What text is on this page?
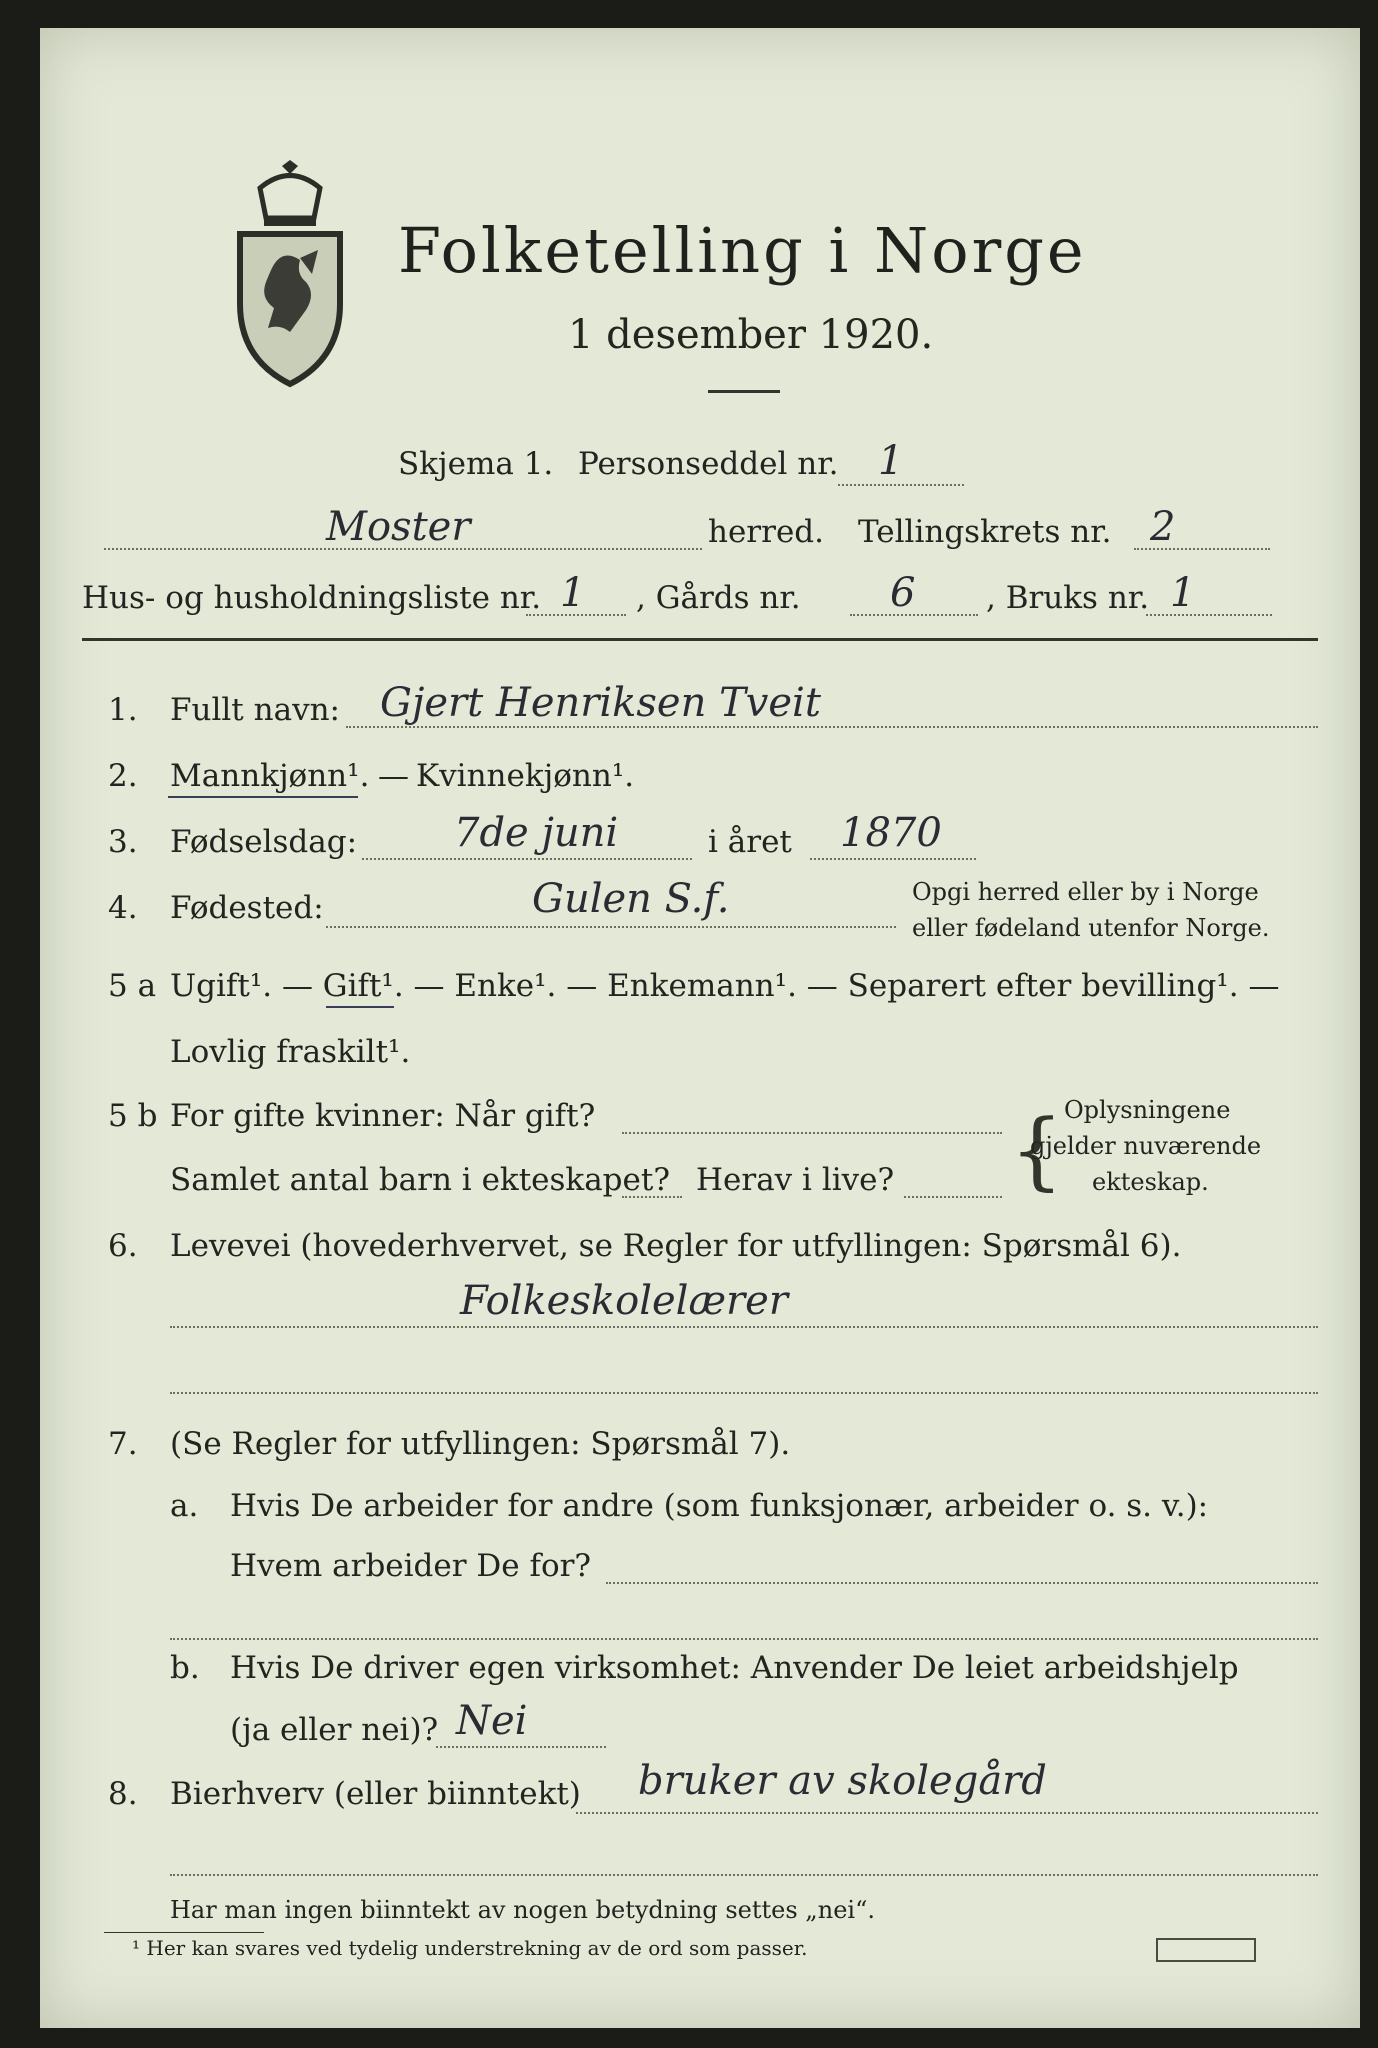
Folketelling i Norge
1 desember 1920.
Skjema 1. Personseddel nr. 1
Moster	herred. Tellingskrets nr. 2
Hus- og husholdningsliste nr. 1 , Gårds nr. 6 , Bruks nr. 1
1. Fullt navn: Gjert Henriksen Tveit
2. Mannkjønn¹. — Kvinnekjønn¹.
3. Fødselsdag: 7de juni	i året 1870
4. Fødested:	Gulen S.f.	Opgi herred eller by i Norge
eller fødeland utenfor Norge.
5 a Ugift¹. — Gift¹. — Enke¹. — Enkemann¹. — Separert efter bevilling¹. —
Lovlig fraskilt¹.
5 b For gifte kvinner: Når gift?
Samlet antal barn i ekteskapet? Herav i live? { Oplysningene
gjelder nuværende
ekteskap.
6. Levevei (hovederhvervet, se Regler for utfyllingen: Spørsmål 6).
Folkeskolelærer
7. (Se Regler for utfyllingen: Spørsmål 7).
a. Hvis De arbeider for andre (som funksjonær, arbeider o. s. v.):
Hvem arbeider De for?
b. Hvis De driver egen virksomhet: Anvender De leiet arbeidshjelp
(ja eller nei)? Nei
8. Bierhverv (eller biinntekt) bruker av skolegård
Har man ingen biinntekt av nogen betydning settes „nei“.
¹ Her kan svares ved tydelig understrekning av de ord som passer.
